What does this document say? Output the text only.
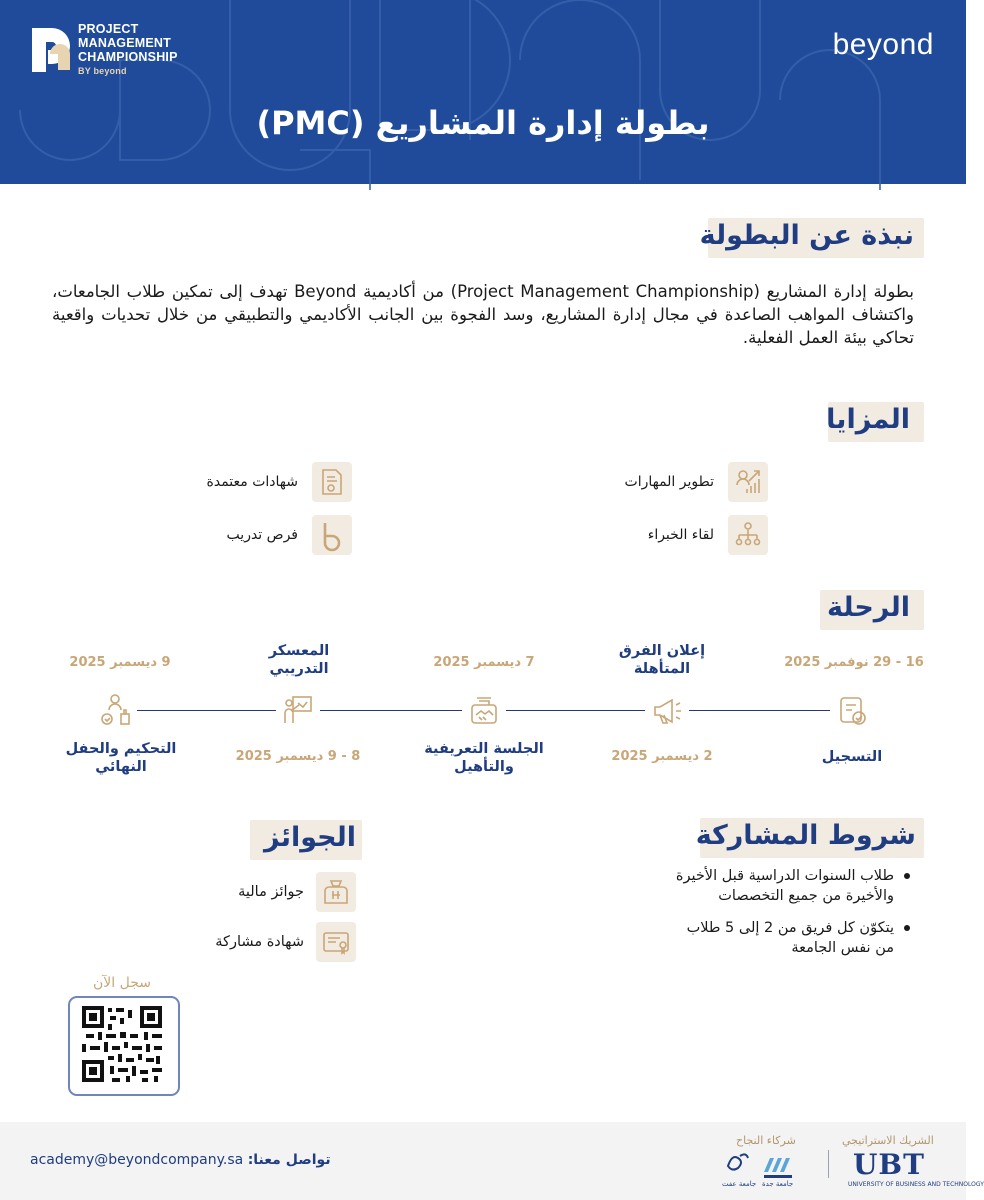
PROJECT
MANAGEMENT
CHAMPIONSHIP
BY beyond
beyond
بطولة إدارة المشاريع (PMC)
نبذة عن البطولة
بطولة إدارة المشاريع (Project Management Championship) من أكاديمية Beyond تهدف إلى تمكين طلاب الجامعات، واكتشاف المواهب الصاعدة في مجال إدارة المشاريع، وسد الفجوة بين الجانب الأكاديمي والتطبيقي من خلال تحديات واقعية تحاكي بيئة العمل الفعلية.
المزايا
تطوير المهارات
شهادات معتمدة
لقاء الخبراء
فرص تدريب
الرحلة
16 - 29 نوفمبر 2025
التسجيل
إعلان الفرق المتأهلة
2 ديسمبر 2025
7 ديسمبر 2025
الجلسة التعريفية والتأهيل
المعسكر التدريبي
8 - 9 ديسمبر 2025
9 ديسمبر 2025
التحكيم والحفل النهائي
شروط المشاركة
طلاب السنوات الدراسية قبل الأخيرة والأخيرة من جميع التخصصات
يتكوّن كل فريق من 2 إلى 5 طلاب من نفس الجامعة
الجوائز
جوائز مالية
شهادة مشاركة
سجل الآن
تواصل معنا: academy@beyondcompany.sa
شركاء النجاح	الشريك الاستراتيجي
جامعة جدة
جامعة عفت
UBT
UNIVERSITY OF BUSINESS AND TECHNOLOGY
